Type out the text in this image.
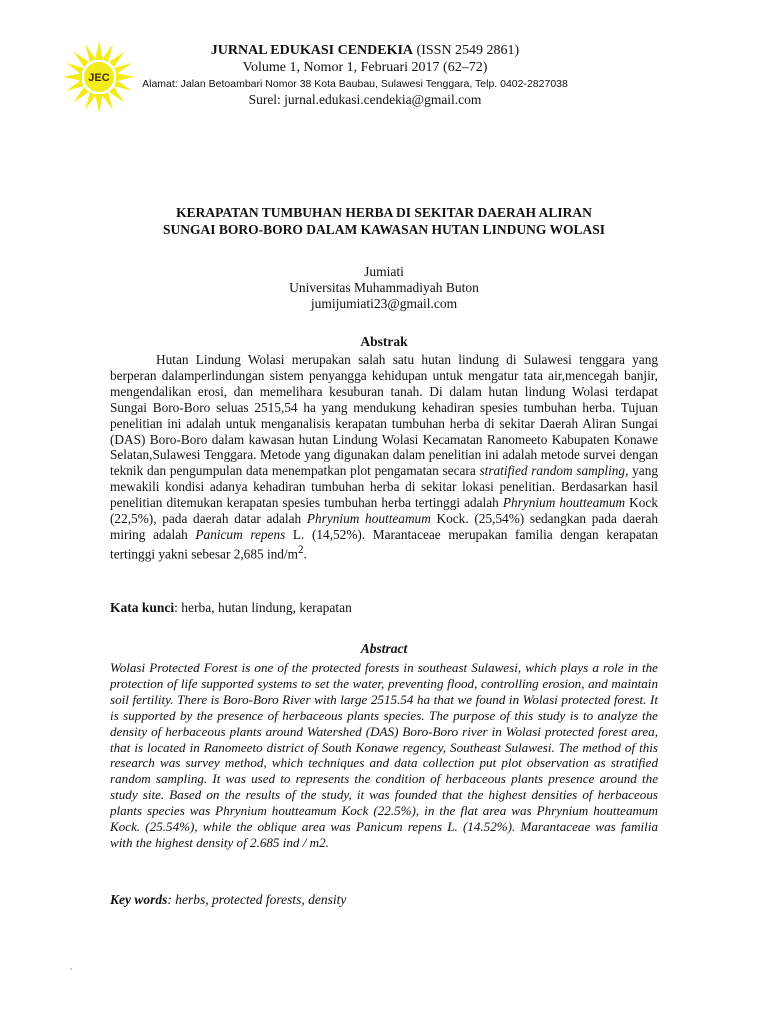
JEC
JURNAL EDUKASI CENDEKIA (ISSN 2549 2861)
Volume 1, Nomor 1, Februari 2017 (62–72)
Alamat: Jalan Betoambari Nomor 38 Kota Baubau, Sulawesi Tenggara, Telp. 0402-2827038
Surel: jurnal.edukasi.cendekia@gmail.com
KERAPATAN TUMBUHAN HERBA DI SEKITAR DAERAH ALIRAN
SUNGAI BORO-BORO DALAM KAWASAN HUTAN LINDUNG WOLASI
Jumiati
Universitas Muhammadiyah Buton
jumijumiati23@gmail.com
Abstrak

Hutan Lindung Wolasi merupakan salah satu hutan lindung di Sulawesi tenggara yang berperan dalamperlindungan sistem penyangga kehidupan untuk mengatur tata air,mencegah banjir, mengendalikan erosi, dan memelihara kesuburan tanah. Di dalam hutan lindung Wolasi terdapat Sungai Boro-Boro seluas 2515,54 ha yang mendukung kehadiran spesies tumbuhan herba. Tujuan penelitian ini adalah untuk menganalisis kerapatan tumbuhan herba di sekitar Daerah Aliran Sungai (DAS) Boro-Boro dalam kawasan hutan Lindung Wolasi Kecamatan Ranomeeto Kabupaten Konawe Selatan,Sulawesi Tenggara. Metode yang digunakan dalam penelitian ini adalah metode survei dengan teknik dan pengumpulan data menempatkan plot pengamatan secara stratified random sampling, yang mewakili kondisi adanya kehadiran tumbuhan herba di sekitar lokasi penelitian. Berdasarkan hasil penelitian ditemukan kerapatan spesies tumbuhan herba tertinggi adalah Phrynium houtteamum Kock (22,5%), pada daerah datar adalah Phrynium houtteamum Kock. (25,54%) sedangkan pada daerah miring adalah Panicum repens L. (14,52%). Marantaceae merupakan familia dengan kerapatan tertinggi yakni sebesar 2,685 ind/$m^2$.

Kata kunci: herba, hutan lindung, kerapatan
Abstract

Wolasi Protected Forest is one of the protected forests in southeast Sulawesi, which plays a role in the protection of life supported systems to set the water, preventing flood, controlling erosion, and maintain soil fertility. There is Boro-Boro River with large 2515.54 ha that we found in Wolasi protected forest. It is supported by the presence of herbaceous plants species. The purpose of this study is to analyze the density of herbaceous plants around Watershed (DAS) Boro-Boro river in Wolasi protected forest area, that is located in Ranomeeto district of South Konawe regency, Southeast Sulawesi. The method of this research was survey method, which techniques and data collection put plot observation as stratified random sampling. It was used to represents the condition of herbaceous plants presence around the study site. Based on the results of the study, it was founded that the highest densities of herbaceous plants species was Phrynium houtteamum Kock (22.5%), in the flat area was Phrynium houtteamum Kock. (25.54%), while the oblique area was Panicum repens L. (14.52%). Marantaceae was familia with the highest density of 2.685 ind / m2.

Key words: herbs, protected forests, density
